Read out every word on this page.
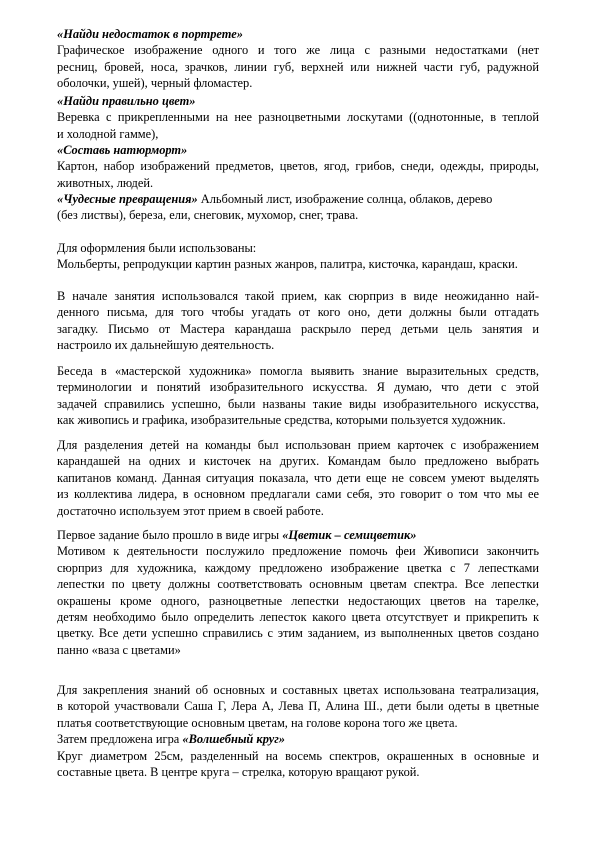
«Найди недостаток в портрете»
Графическое изображение одного и того же лица с разными недостатками (нет
ресниц, бровей, носа, зрачков, линии губ, верхней или нижней части губ, радужной
оболочки, ушей), черный фломастер.
«Найди правильно цвет»
Веревка с прикрепленными на нее разноцветными лоскутами ((однотонные, в теплой
и холодной гамме),
«Составь натюрморт»
Картон, набор изображений предметов, цветов, ягод, грибов, снеди, одежды, природы,
животных, людей.
«Чудесные превращения» Альбомный лист, изображение солнца, облаков, дерево
(без листвы), береза, ели, снеговик, мухомор, снег, трава.
Для оформления были использованы:
Мольберты, репродукции картин разных жанров, палитра, кисточка, карандаш, краски.
В начале занятия использовался такой прием, как сюрприз в виде неожиданно най-
денного письма, для того чтобы угадать от кого оно, дети должны были отгадать
загадку. Письмо от Мастера карандаша раскрыло перед детьми цель занятия и
настроило их дальнейшую деятельность.
Беседа в «мастерской художника» помогла выявить знание выразительных средств,
терминологии и понятий изобразительного искусства. Я думаю, что дети с этой
задачей справились успешно, были названы такие виды изобразительного искусства,
как живопись и графика, изобразительные средства, которыми пользуется художник.
Для разделения детей на команды был использован прием карточек с изображением
карандашей на одних и кисточек на других. Командам было предложено выбрать
капитанов команд. Данная ситуация показала, что дети еще не совсем умеют выделять
из коллектива лидера, в основном предлагали сами себя, это говорит о том что мы ее
достаточно используем этот прием в своей работе.
Первое задание было прошло в виде игры «Цветик – семицветик»
Мотивом к деятельности послужило предложение помочь феи Живописи закончить
сюрприз для художника, каждому предложено изображение цветка с 7 лепестками
лепестки по цвету должны соответствовать основным цветам спектра. Все лепестки
окрашены кроме одного, разноцветные лепестки недостающих цветов на тарелке,
детям необходимо было определить лепесток какого цвета отсутствует и прикрепить к
цветку. Все дети успешно справились с этим заданием, из выполненных цветов создано
панно «ваза с цветами»
Для закрепления знаний об основных и составных цветах использована театрализация,
в которой участвовали Саша Г, Лера А, Лева П, Алина Ш., дети были одеты в цветные
платья соответствующие основным цветам, на голове корона того же цвета.
Затем предложена игра «Волшебный круг»
Круг диаметром 25см, разделенный на восемь спектров, окрашенных в основные и
составные цвета. В центре круга – стрелка, которую вращают рукой.
